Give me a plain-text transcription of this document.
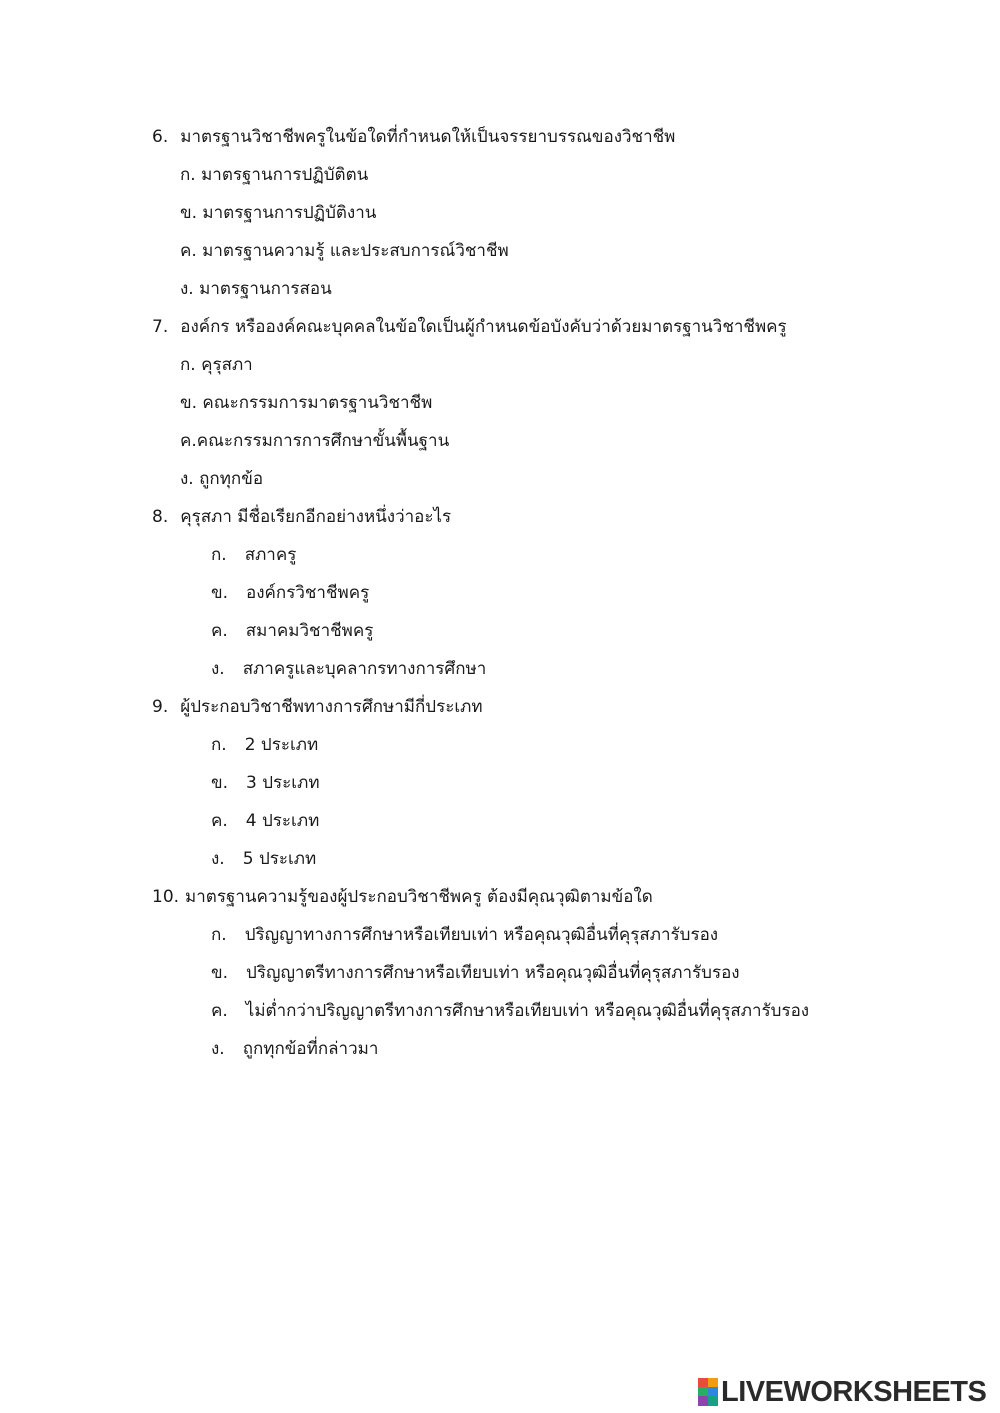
6. มาตรฐานวิชาชีพครูในข้อใดที่กำหนดให้เป็นจรรยาบรรณของวิชาชีพ
ก. มาตรฐานการปฏิบัติตน
ข. มาตรฐานการปฏิบัติงาน
ค. มาตรฐานความรู้ และประสบการณ์วิชาชีพ
ง. มาตรฐานการสอน
7. องค์กร หรือองค์คณะบุคคลในข้อใดเป็นผู้กำหนดข้อบังคับว่าด้วยมาตรฐานวิชาชีพครู
ก. คุรุสภา
ข. คณะกรรมการมาตรฐานวิชาชีพ
ค.คณะกรรมการการศึกษาขั้นพื้นฐาน
ง. ถูกทุกข้อ
8. คุรุสภา มีชื่อเรียกอีกอย่างหนึ่งว่าอะไร
ก. สภาครู
ข. องค์กรวิชาชีพครู
ค. สมาคมวิชาชีพครู
ง. สภาครูและบุคลากรทางการศึกษา
9. ผู้ประกอบวิชาชีพทางการศึกษามีกี่ประเภท
ก. 2 ประเภท
ข. 3 ประเภท
ค. 4 ประเภท
ง. 5 ประเภท
10. มาตรฐานความรู้ของผู้ประกอบวิชาชีพครู ต้องมีคุณวุฒิตามข้อใด
ก. ปริญญาทางการศึกษาหรือเทียบเท่า หรือคุณวุฒิอื่นที่คุรุสภารับรอง
ข. ปริญญาตรีทางการศึกษาหรือเทียบเท่า หรือคุณวุฒิอื่นที่คุรุสภารับรอง
ค. ไม่ต่ำกว่าปริญญาตรีทางการศึกษาหรือเทียบเท่า หรือคุณวุฒิอื่นที่คุรุสภารับรอง
ง. ถูกทุกข้อที่กล่าวมา
LIVEWORKSHEETS
